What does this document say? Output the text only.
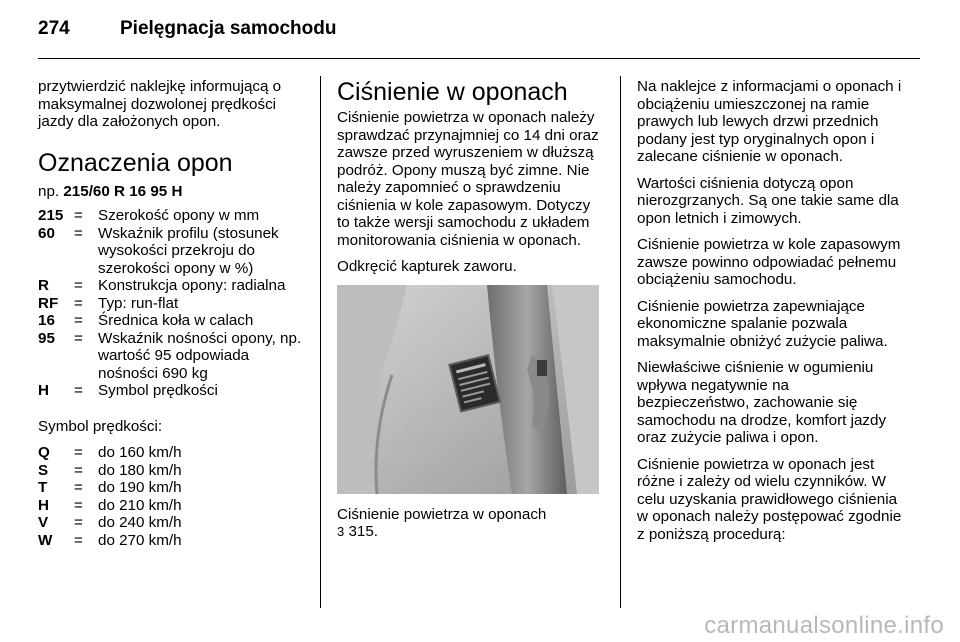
274	Pielęgnacja samochodu

przytwierdzić naklejkę informującą o maksymalnej dozwolonej prędkości jazdy dla założonych opon.

Oznaczenia opon
np. 215/60 R 16 95 H
215 = Szerokość opony w mm
60	= Wskaźnik profilu (stosunek wysokości przekroju do szerokości opony w %)
R	= Konstrukcja opony: radialna
RF	= Typ: run-flat
16	= Średnica koła w calach
95	= Wskaźnik nośności opony, np. wartość 95 odpowiada nośności 690 kg
H	= Symbol prędkości

Symbol prędkości:

Q	= do 160 km/h
S	= do 180 km/h
T	= do 190 km/h
H	= do 210 km/h
V	= do 240 km/h
W	= do 270 km/h
Ciśnienie w oponach

Ciśnienie powietrza w oponach należy sprawdzać przynajmniej co 14 dni oraz zawsze przed wyruszeniem w dłuższą podróż. Opony muszą być zimne. Nie należy zapomnieć o sprawdzeniu ciśnienia w kole zapasowym. Dotyczy to także wersji samochodu z układem monitorowania ciśnienia w oponach.

Odkręcić kapturek zaworu.

Ciśnienie powietrza w oponach
3 315.

Na naklejce z informacjami o oponach i obciążeniu umieszczonej na ramie prawych lub lewych drzwi przednich podany jest typ oryginalnych opon i zalecane ciśnienie w oponach.

Wartości ciśnienia dotyczą opon nierozgrzanych. Są one takie same dla opon letnich i zimowych.

Ciśnienie powietrza w kole zapasowym zawsze powinno odpowiadać pełnemu obciążeniu samochodu.

Ciśnienie powietrza zapewniające ekonomiczne spalanie pozwala maksymalnie obniżyć zużycie paliwa.

Niewłaściwe ciśnienie w ogumieniu wpływa negatywnie na bezpieczeństwo, zachowanie się samochodu na drodze, komfort jazdy oraz zużycie paliwa i opon.

Ciśnienie powietrza w oponach jest różne i zależy od wielu czynników. W celu uzyskania prawidłowego ciśnienia w oponach należy postępować zgodnie z poniższą procedurą:

carmanualsonline.info
